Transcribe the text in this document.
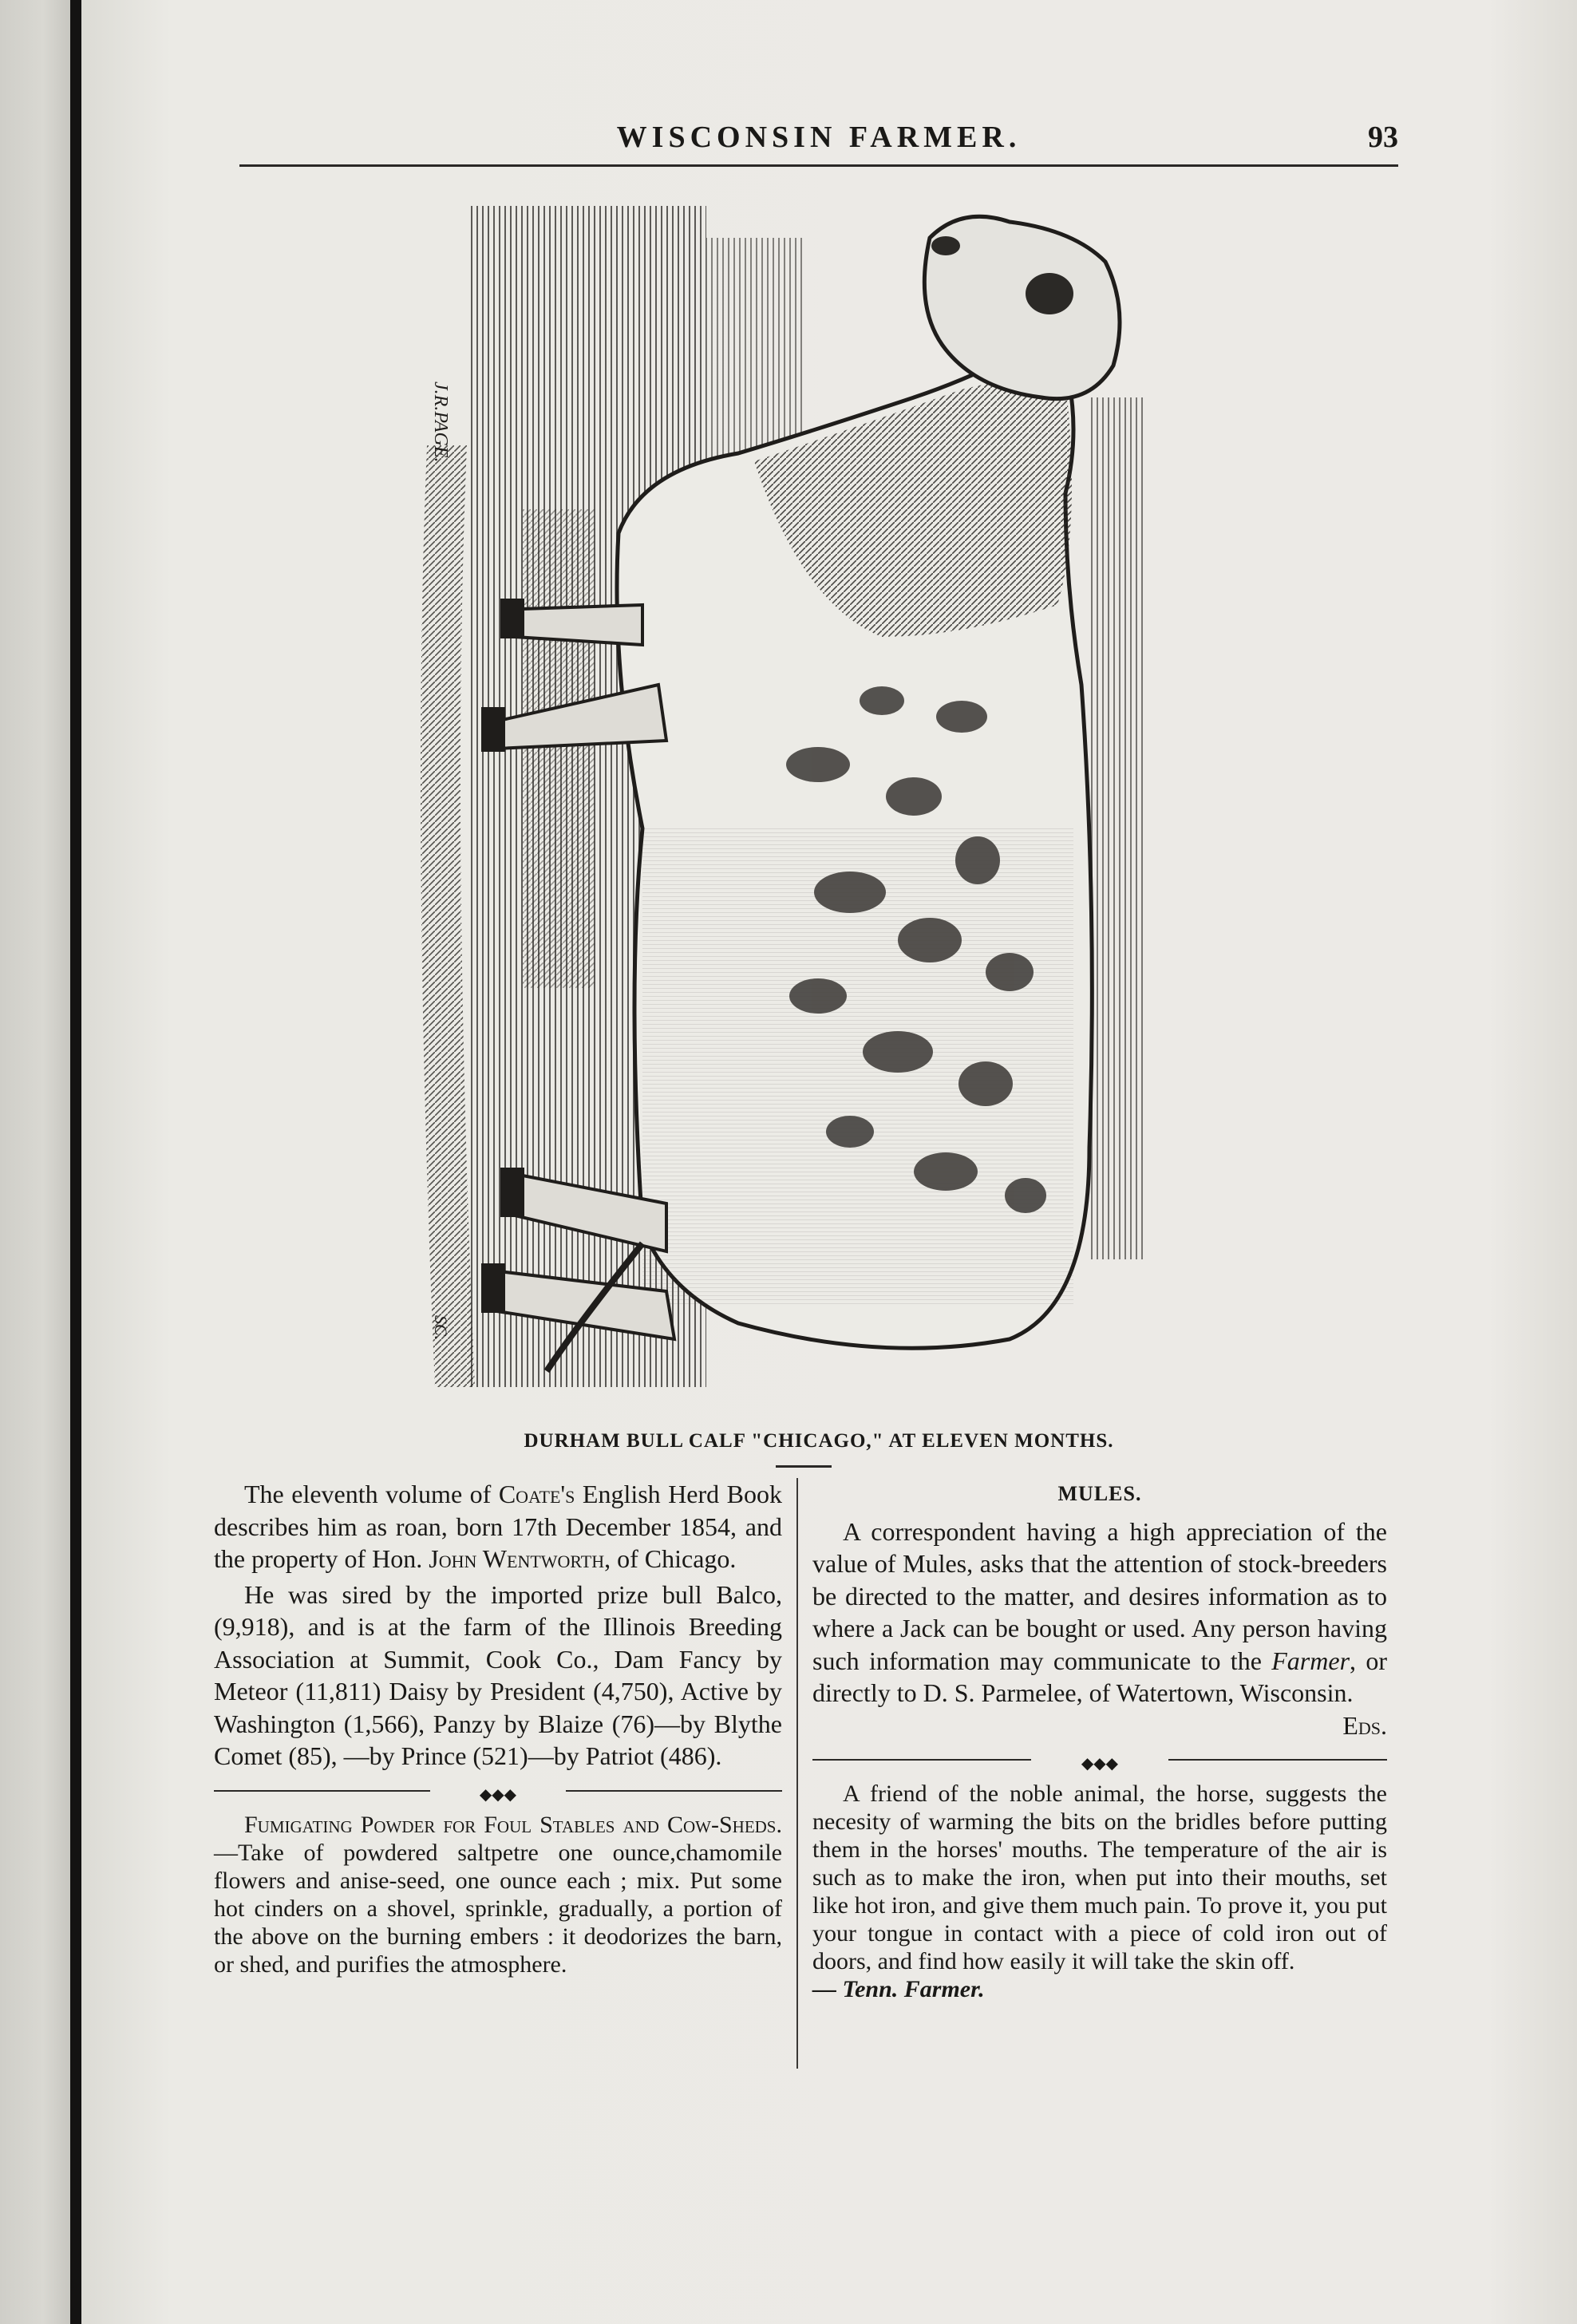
WISCONSIN FARMER.	93
J.R.PAGE.
SC.
DURHAM BULL CALF "CHICAGO," AT ELEVEN MONTHS.

The eleventh volume of Coate's English Herd Book describes him as roan, born 17th December 1854, and the property of Hon. John Wentworth, of Chicago.

He was sired by the imported prize bull Balco, (9,918), and is at the farm of the Illinois Breeding Association at Summit, Cook Co., Dam Fancy by Meteor (11,811) Daisy by President (4,750), Active by Washington (1,566), Panzy by Blaize (76)—by Blythe Comet (85), —by Prince (521)—by Patriot (486).

◆◆◆

Fumigating Powder for Foul Stables and Cow-Sheds.—Take of powdered saltpetre one ounce,chamomile flowers and anise-seed, one ounce each ; mix. Put some hot cinders on a shovel, sprinkle, gradually, a portion of the above on the burning embers : it deodorizes the barn, or shed, and purifies the atmosphere.

MULES.

A correspondent having a high appreciation of the value of Mules, asks that the attention of stock-breeders be directed to the matter, and desires information as to where a Jack can be bought or used. Any person having such information may communicate to the Farmer, or directly to D. S. Parmelee, of Watertown, Wisconsin.

Eds.
◆◆◆

A friend of the noble animal, the horse, suggests the necesity of warming the bits on the bridles before putting them in the horses' mouths. The temperature of the air is such as to make the iron, when put into their mouths, set like hot iron, and give them much pain. To prove it, you put your tongue in contact with a piece of cold iron out of doors, and find how easily it will take the skin off.

— Tenn. Farmer.
